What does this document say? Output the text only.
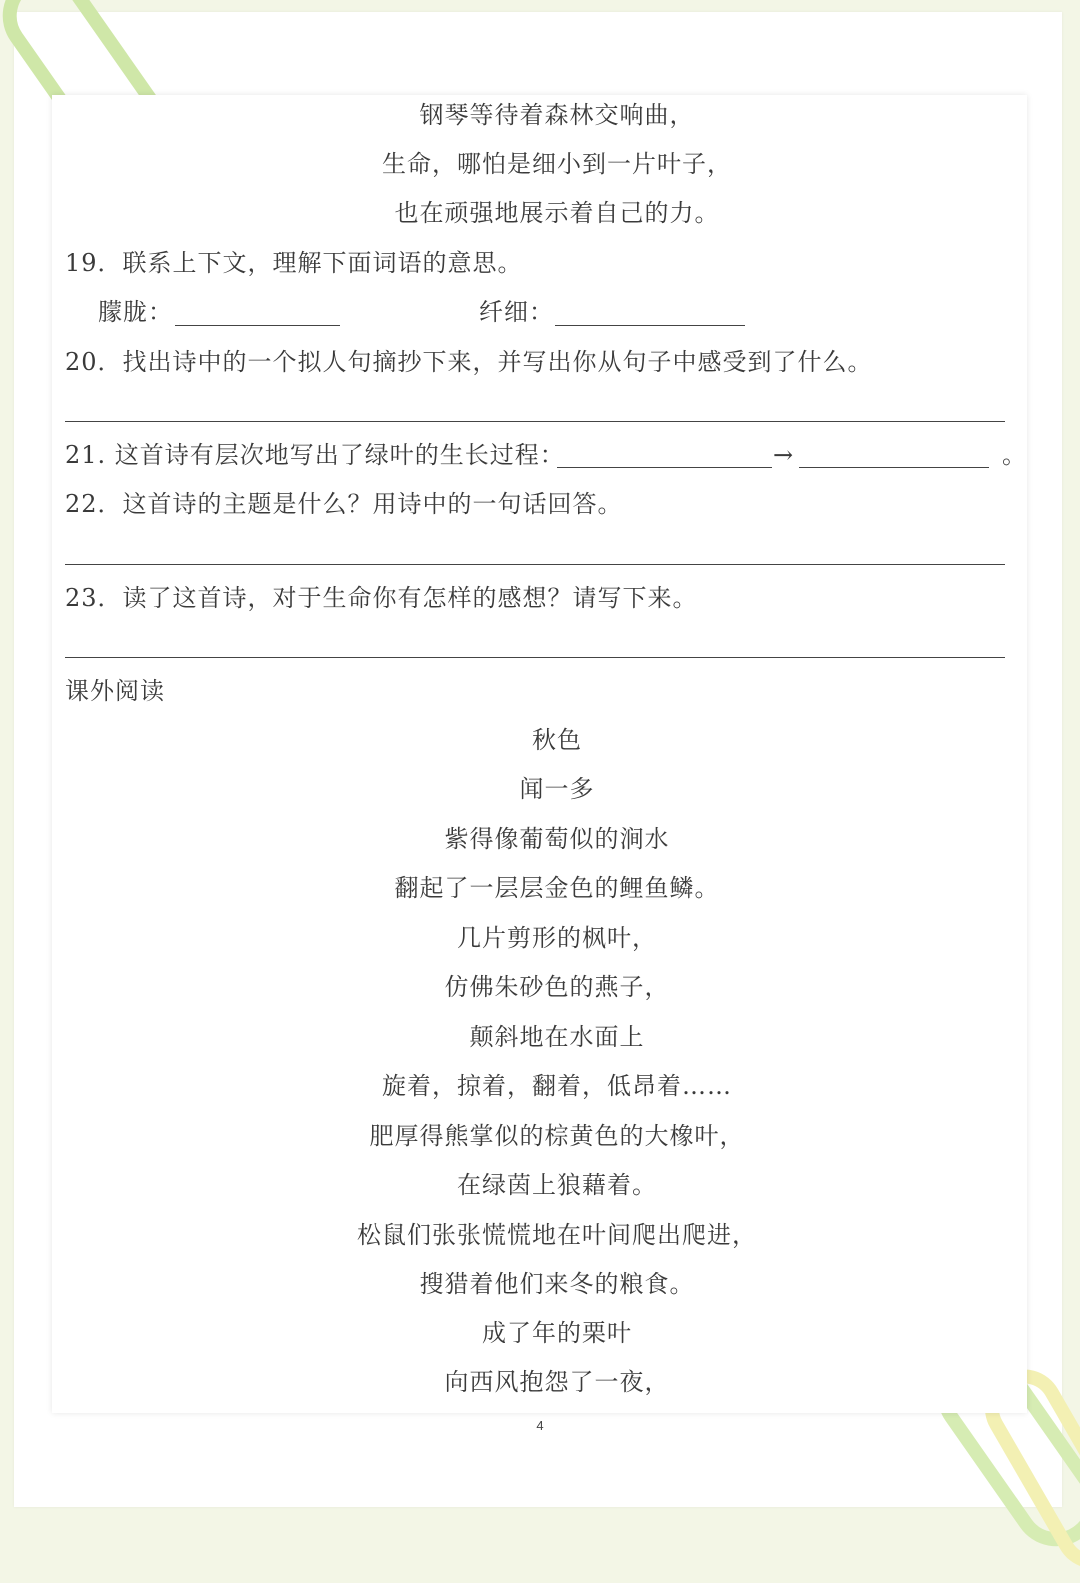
钢琴等待着森林交响曲，
生命，哪怕是细小到一片叶子，
也在顽强地展示着自己的力。
19．联系上下文，理解下面词语的意思。
朦胧：	纤细：
20．找出诗中的一个拟人句摘抄下来，并写出你从句子中感受到了什么。
21. 这首诗有层次地写出了绿叶的生长过程：	→	。
22．这首诗的主题是什么？用诗中的一句话回答。
23．读了这首诗，对于生命你有怎样的感想？请写下来。
课外阅读
秋色
闻一多
紫得像葡萄似的涧水
翻起了一层层金色的鲤鱼鳞。
几片剪形的枫叶，
仿佛朱砂色的燕子，
颠斜地在水面上
旋着，掠着，翻着，低昂着……
肥厚得熊掌似的棕黄色的大橡叶，
在绿茵上狼藉着。
松鼠们张张慌慌地在叶间爬出爬进，
搜猎着他们来冬的粮食。
成了年的栗叶
向西风抱怨了一夜，
4
